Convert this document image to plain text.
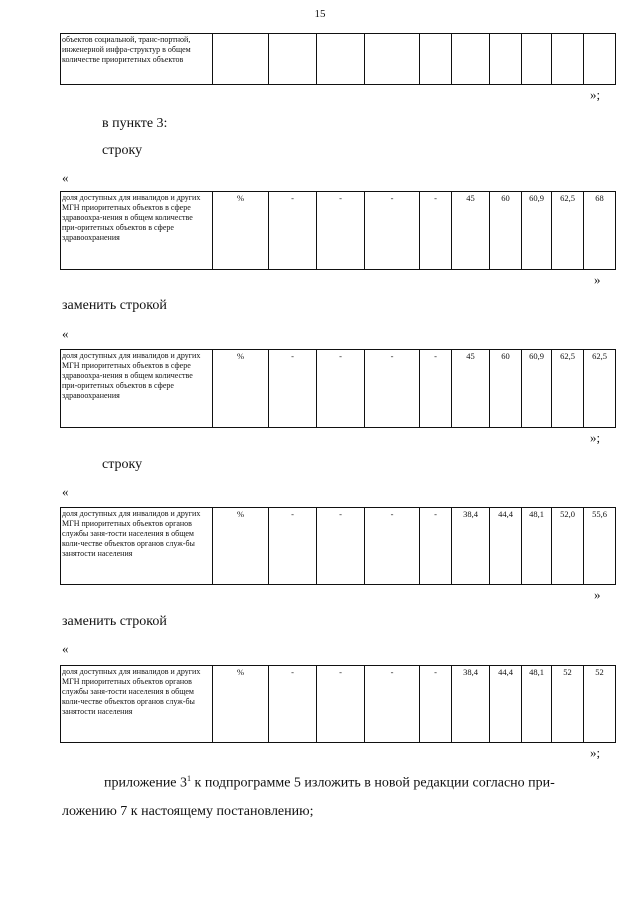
15
объектов социальной, транс-портной, инженерной инфра-структур в общем количестве приоритетных объектов										
»;
в пункте 3:
строку
«
доля доступных для инвалидов и других МГН приоритетных объектов в сфере здравоохра-нения в общем количестве при-оритетных объектов в сфере здравоохранения	%	-	-	-	-	45	60	60,9	62,5	68
»
заменить строкой
«
доля доступных для инвалидов и других МГН приоритетных объектов в сфере здравоохра-нения в общем количестве при-оритетных объектов в сфере здравоохранения	%	-	-	-	-	45	60	60,9	62,5	62,5
»;
строку
«
доля доступных для инвалидов и других МГН приоритетных объектов органов службы заня-тости населения в общем коли-честве объектов органов служ-бы занятости населения	%	-	-	-	-	38,4	44,4	48,1	52,0	55,6
»
заменить строкой
«
доля доступных для инвалидов и других МГН приоритетных объектов органов службы заня-тости населения в общем коли-честве объектов органов служ-бы занятости населения	%	-	-	-	-	38,4	44,4	48,1	52	52
»;
приложение $3^1$ к подпрограмме 5 изложить в новой редакции согласно при-
ложению 7 к настоящему постановлению;
